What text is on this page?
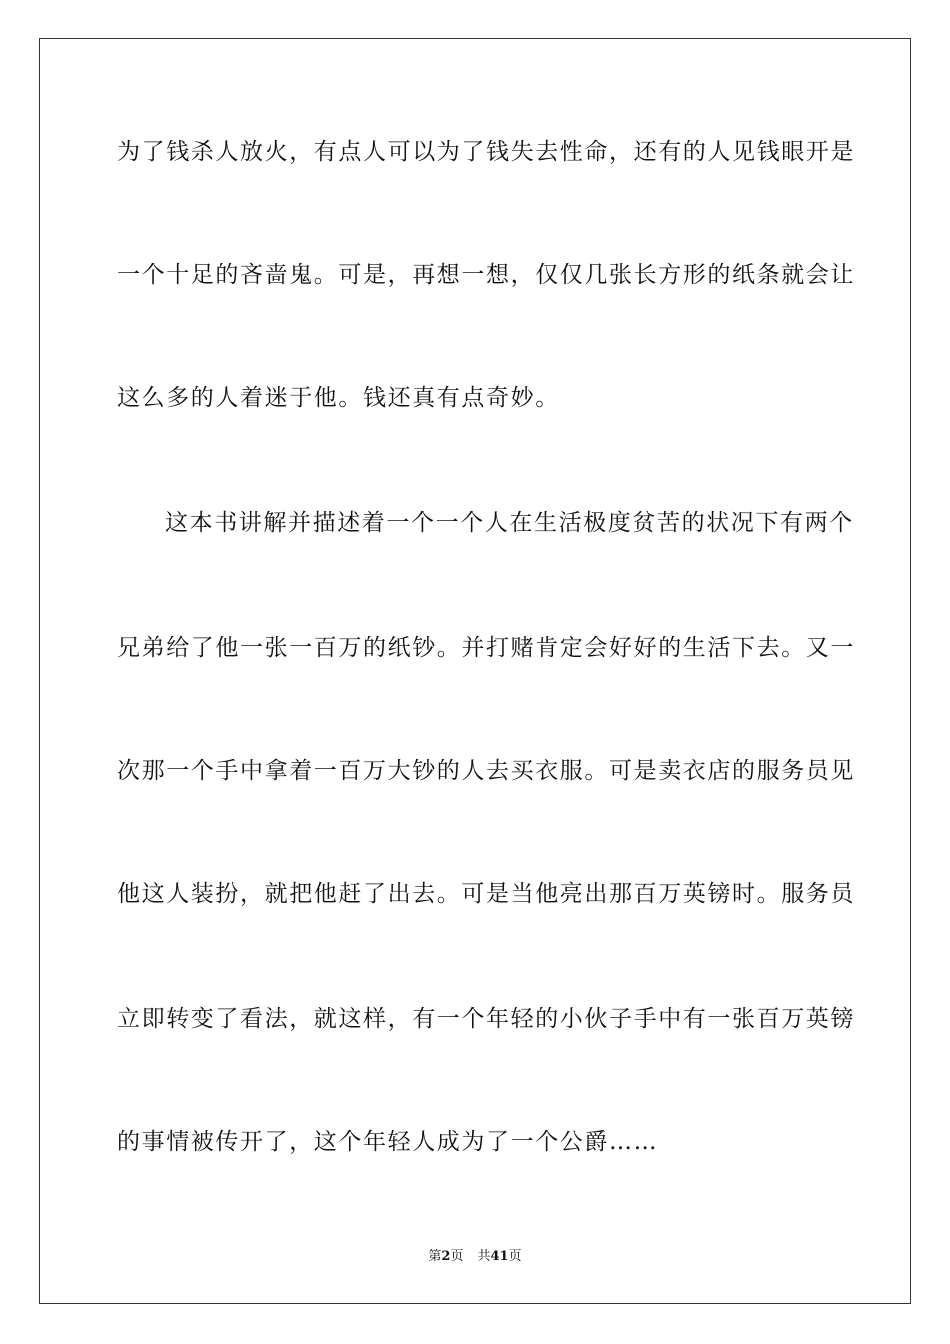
为了钱杀人放火，有点人可以为了钱失去性命，还有的人见钱眼开是
一个十足的吝啬鬼。可是，再想一想，仅仅几张长方形的纸条就会让
这么多的人着迷于他。钱还真有点奇妙。
这本书讲解并描述着一个一个人在生活极度贫苦的状况下有两个
兄弟给了他一张一百万的纸钞。并打赌肯定会好好的生活下去。又一
次那一个手中拿着一百万大钞的人去买衣服。可是卖衣店的服务员见
他这人装扮，就把他赶了出去。可是当他亮出那百万英镑时。服务员
立即转变了看法，就这样，有一个年轻的小伙子手中有一张百万英镑
的事情被传开了，这个年轻人成为了一个公爵……
第2页 共41页
